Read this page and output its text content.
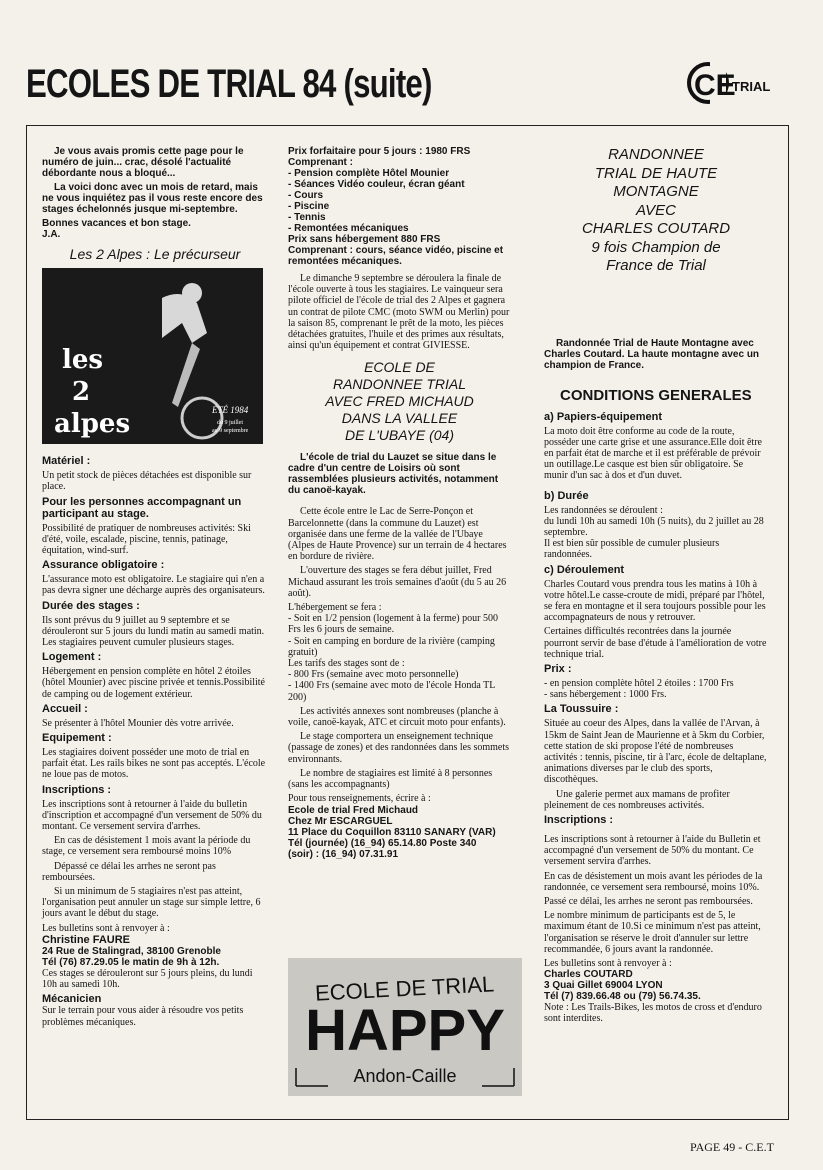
ECOLES DE TRIAL 84 (suite)	CE
TRIAL

Je vous avais promis cette page pour le numéro de juin... crac, désolé l'actualité débordante nous a bloqué...

La voici donc avec un mois de retard, mais ne vous inquiétez pas il vous reste encore des stages échelonnés jusque mi-septembre.

Bonnes vacances et bon stage.

J.A.

Les 2 Alpes : Le précurseur

les
2
alpes	ÉTÉ 1984
du 9 juillet
au 9 septembre

Matériel :

Un petit stock de pièces détachées est disponible sur place.

Pour les personnes accompagnant un participant au stage.

Possibilité de pratiquer de nombreuses activités: Ski d'été, voile, escalade, piscine, tennis, patinage, équitation, wind-surf.

Assurance obligatoire :

L'assurance moto est obligatoire. Le stagiaire qui n'en a pas devra signer une décharge auprès des organisateurs.

Durée des stages :

Ils sont prévus du 9 juillet au 9 septembre et se dérouleront sur 5 jours du lundi matin au samedi matin. Les stagiaires peuvent cumuler plusieurs stages.

Logement :

Hébergement en pension complète en hôtel 2 étoiles (hôtel Mounier) avec piscine privée et tennis.Possibilité de camping ou de logement extérieur.

Accueil :

Se présenter à l'hôtel Mounier dès votre arrivée.

Equipement :

Les stagiaires doivent posséder une moto de trial en parfait état. Les rails bikes ne sont pas acceptés. L'école ne loue pas de motos.

Inscriptions :

Les inscriptions sont à retourner à l'aide du bulletin d'inscription et accompagné d'un versement de 50% du montant. Ce versement servira d'arrhes.

En cas de désistement 1 mois avant la période du stage, ce versement sera remboursé moins 10%

Dépassé ce délai les arrhes ne seront pas remboursées.

Si un minimum de 5 stagiaires n'est pas atteint, l'organisation peut annuler un stage sur simple lettre, 6 jours avant le début du stage.

Les bulletins sont à renvoyer à :

Christine FAURE

24 Rue de Stalingrad, 38100 Grenoble

Tél (76) 87.29.05 le matin de 9h à 12h.

Ces stages se dérouleront sur 5 jours pleins, du lundi 10h au samedi 10h.

Mécanicien

Sur le terrain pour vous aider à résoudre vos petits problèmes mécaniques.

Prix forfaitaire pour 5 jours : 1980 FRS
Comprenant :
- Pension complète Hôtel Mounier
- Séances Vidéo couleur, écran géant
- Cours
- Piscine
- Tennis
- Remontées mécaniques
Prix sans hébergement 880 FRS
Comprenant : cours, séance vidéo, piscine et remontées mécaniques.

Le dimanche 9 septembre se déroulera la finale de l'école ouverte à tous les stagiaires. Le vainqueur sera pilote officiel de l'école de trial des 2 Alpes et gagnera un contrat de pilote CMC (moto SWM ou Merlin) pour la saison 85, comprenant le prêt de la moto, les pièces détachées gratuites, l'huile et des primes aux résultats, ainsi qu'un équipement et contrat GIVIESSE.

ECOLE DE
RANDONNEE TRIAL
AVEC FRED MICHAUD
DANS LA VALLEE
DE L'UBAYE (04)

L'école de trial du Lauzet se situe dans le cadre d'un centre de Loisirs où sont rassemblées plusieurs activités, notamment du canoë-kayak.

Cette école entre le Lac de Serre-Ponçon et Barcelonnette (dans la commune du Lauzet) est organisée dans une ferme de la vallée de l'Ubaye (Alpes de Haute Provence) sur un terrain de 4 hectares en bordure de rivière.

L'ouverture des stages se fera début juillet, Fred Michaud assurant les trois semaines d'août (du 5 au 26 août).

L'hébergement se fera :
- Soit en 1/2 pension (logement à la ferme) pour 500 Frs les 6 jours de semaine.
- Soit en camping en bordure de la rivière (camping gratuit)
Les tarifs des stages sont de :
- 800 Frs (semaine avec moto personnelle)
- 1400 Frs (semaine avec moto de l'école Honda TL 200)

Les activités annexes sont nombreuses (planche à voile, canoë-kayak, ATC et circuit moto pour enfants).

Le stage comportera un enseignement technique (passage de zones) et des randonnées dans les sommets environnants.

Le nombre de stagiaires est limité à 8 personnes (sans les accompagnants)

Pour tous renseignements, écrire à :

Ecole de trial Fred Michaud
Chez Mr ESCARGUEL
11 Place du Coquillon 83110 SANARY (VAR)
Tél (journée) (16_94) 65.14.80 Poste 340
(soir) : (16_94) 07.31.91

ECOLE DE TRIAL
HAPPY
Andon-Caille

RANDONNEE
TRIAL DE HAUTE
MONTAGNE
AVEC
CHARLES COUTARD
9 fois Champion de
France de Trial

Randonnée Trial de Haute Montagne avec Charles Coutard. La haute montagne avec un champion de France.

CONDITIONS GENERALES

a) Papiers-équipement

La moto doit être conforme au code de la route, posséder une carte grise et une assurance.Elle doit être en parfait état de marche et il est préférable de prévoir un outillage.Le casque est bien sûr obligatoire. Se munir d'un sac à dos et d'un duvet.

b) Durée

Les randonnées se déroulent :
du lundi 10h au samedi 10h (5 nuits), du 2 juillet au 28 septembre.
Il est bien sûr possible de cumuler plusieurs randonnées.

c) Déroulement

Charles Coutard vous prendra tous les matins à 10h à votre hôtel.Le casse-croute de midi, préparé par l'hôtel, se fera en montagne et il sera toujours possible pour les accompagnateurs de nous y retrouver.

Certaines difficultés recontrées dans la journée pourront servir de base d'étude à l'amélioration de votre technique trial.

Prix :

- en pension complète hôtel 2 étoiles : 1700 Frs
- sans hébergement : 1000 Frs.

La Toussuire :

Située au coeur des Alpes, dans la vallée de l'Arvan, à 15km de Saint Jean de Maurienne et à 5km du Corbier, cette station de ski propose l'été de nombreuses activités : tennis, piscine, tir à l'arc, école de deltaplane, animations diverses par le club des sports, discothèques.

Une galerie permet aux mamans de profiter pleinement de ces nombreuses activités.

Inscriptions :

Les inscriptions sont à retourner à l'aide du Bulletin et accompagné d'un versement de 50% du montant. Ce versement servira d'arrhes.

En cas de désistement un mois avant les périodes de la randonnée, ce versement sera remboursé, moins 10%.

Passé ce délai, les arrhes ne seront pas remboursées.

Le nombre minimum de participants est de 5, le maximum étant de 10.Si ce minimum n'est pas atteint, l'organisation se réserve le droit d'annuler sur lettre recommandée, 6 jours avant la randonnée.

Les bulletins sont à renvoyer à :

Charles COUTARD
3 Quai Gillet 69004 LYON
Tél (7) 839.66.48 ou (79) 56.74.35.

Note : Les Trails-Bikes, les motos de cross et d'enduro sont interdites.

PAGE 49 - C.E.T
